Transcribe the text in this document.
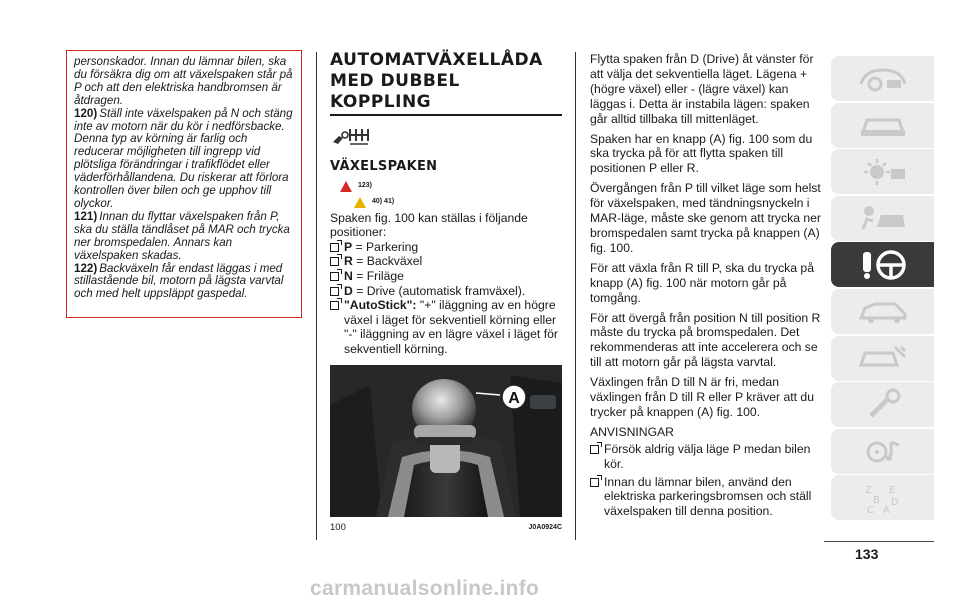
personskador. Innan du lämnar bilen, ska du försäkra dig om att växelspaken står på P och att den elektriska handbromsen är åtdragen.

120) Ställ inte växelspaken på N och stäng inte av motorn när du kör i nedförsbacke. Denna typ av körning är farlig och reducerar möjligheten till ingrepp vid plötsliga förändringar i trafikflödet eller väderförhållandena. Du riskerar att förlora kontrollen över bilen och ge upphov till olyckor.

121) Innan du flyttar växelspaken från P, ska du ställa tändlåset på MAR och trycka ner bromspedalen. Annars kan växelspaken skadas.

122) Backväxeln får endast läggas i med stillastående bil, motorn på lägsta varvtal och med helt uppsläppt gaspedal.

AUTOMATVÄXELLÅDA
MED DUBBEL KOPPLING
VÄXELSPAKEN
123)
40) 41)

Spaken fig. 100 kan ställas i följande positioner:

P = Parkering
R = Backväxel
N = Friläge
D = Drive (automatisk framväxel).
"AutoStick": "+" iläggning av en högre växel i läget för sekventiell körning eller "-" iläggning av en lägre växel i läget för sekventiell körning.
A
100	J0A0924C

Flytta spaken från D (Drive) åt vänster för att välja det sekventiella läget. Lägena + (högre växel) eller - (lägre växel) kan läggas i. Detta är instabila lägen: spaken går alltid tillbaka till mittenläget.

Spaken har en knapp (A) fig. 100 som du ska trycka på för att flytta spaken till positionen P eller R.

Övergången från P till vilket läge som helst för växelspaken, med tändningsnyckeln i MAR-läge, måste ske genom att trycka ner bromspedalen samt trycka på knappen (A) fig. 100.

För att växla från R till P, ska du trycka på knapp (A) fig. 100 när motorn går på tomgång.

För att övergå från position N till position R måste du trycka på bromspedalen. Det rekommenderas att inte accelerera och se till att motorn går på lägsta varvtal.

Växlingen från D till N är fri, medan växlingen från D till R eller P kräver att du trycker på knappen (A) fig. 100.

ANVISNINGAR

Försök aldrig välja läge P medan bilen kör.
Innan du lämnar bilen, använd den elektriska parkeringsbromsen och ställ växelspaken till denna position.
Z E
B D
C A
133
carmanualsonline.info
